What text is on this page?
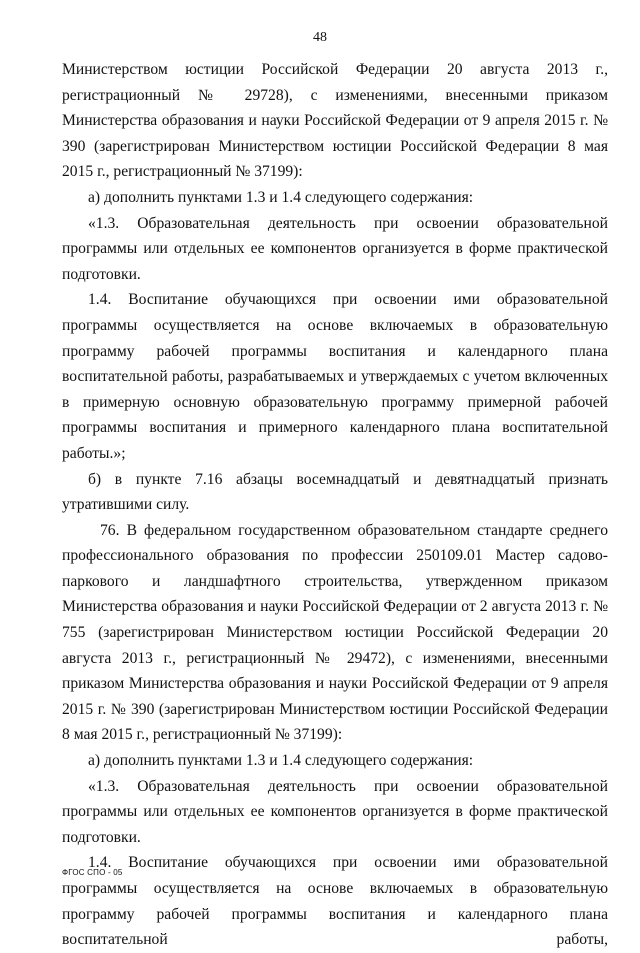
48

Министерством юстиции Российской Федерации 20 августа 2013 г., регистрационный № 29728), с изменениями, внесенными приказом Министерства образования и науки Российской Федерации от 9 апреля 2015 г. № 390 (зарегистрирован Министерством юстиции Российской Федерации 8 мая 2015 г., регистрационный № 37199):

а) дополнить пунктами 1.3 и 1.4 следующего содержания:

«1.3. Образовательная деятельность при освоении образовательной программы или отдельных ее компонентов организуется в форме практической подготовки.

1.4. Воспитание обучающихся при освоении ими образовательной программы осуществляется на основе включаемых в образовательную программу рабочей программы воспитания и календарного плана воспитательной работы, разрабатываемых и утверждаемых с учетом включенных в примерную основную образовательную программу примерной рабочей программы воспитания и примерного календарного плана воспитательной работы.»;

б) в пункте 7.16 абзацы восемнадцатый и девятнадцатый признать утратившими силу.

76. В федеральном государственном образовательном стандарте среднего профессионального образования по профессии 250109.01 Мастер садово-паркового и ландшафтного строительства, утвержденном приказом Министерства образования и науки Российской Федерации от 2 августа 2013 г. № 755 (зарегистрирован Министерством юстиции Российской Федерации 20 августа 2013 г., регистрационный № 29472), с изменениями, внесенными приказом Министерства образования и науки Российской Федерации от 9 апреля 2015 г. № 390 (зарегистрирован Министерством юстиции Российской Федерации 8 мая 2015 г., регистрационный № 37199):

а) дополнить пунктами 1.3 и 1.4 следующего содержания:

«1.3. Образовательная деятельность при освоении образовательной программы или отдельных ее компонентов организуется в форме практической подготовки.

1.4. Воспитание обучающихся при освоении ими образовательной программы осуществляется на основе включаемых в образовательную программу рабочей программы воспитания и календарного плана воспитательной работы,

ФГОС СПО - 05
